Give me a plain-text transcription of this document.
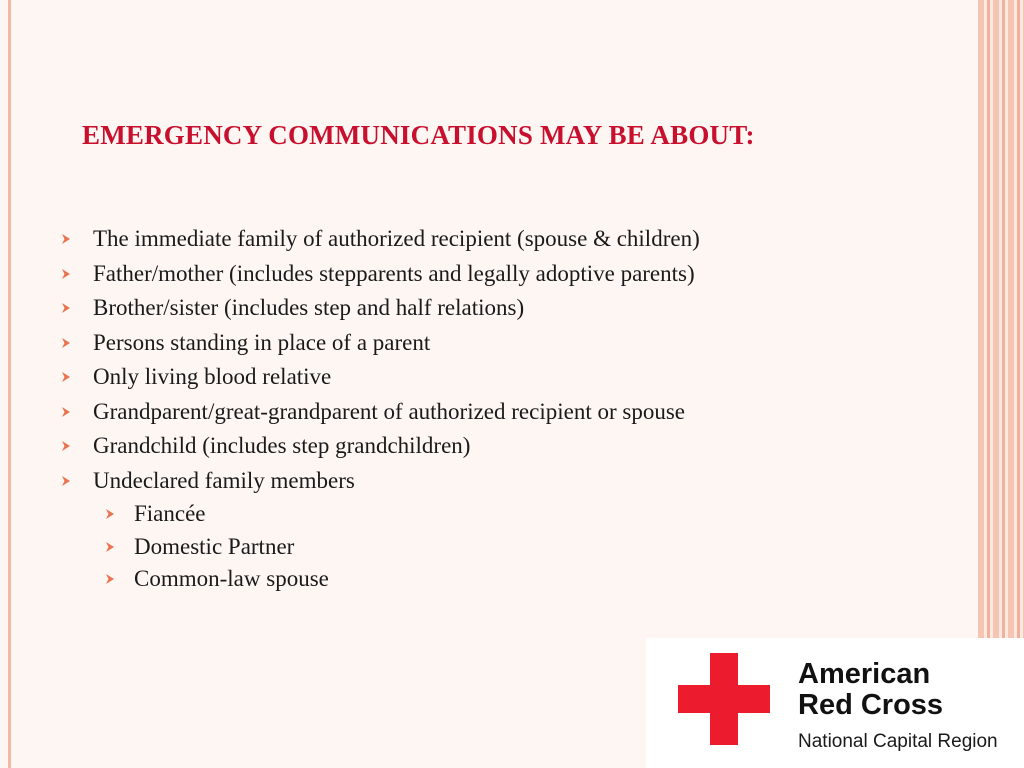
EMERGENCY COMMUNICATIONS MAY BE ABOUT:
The immediate family of authorized recipient (spouse & children)
Father/mother (includes stepparents and legally adoptive parents)
Brother/sister (includes step and half relations)
Persons standing in place of a parent
Only living blood relative
Grandparent/great-grandparent of authorized recipient or spouse
Grandchild (includes step grandchildren)
Undeclared family members
Fiancée
Domestic Partner
Common-law spouse
American
Red Cross
National Capital Region
